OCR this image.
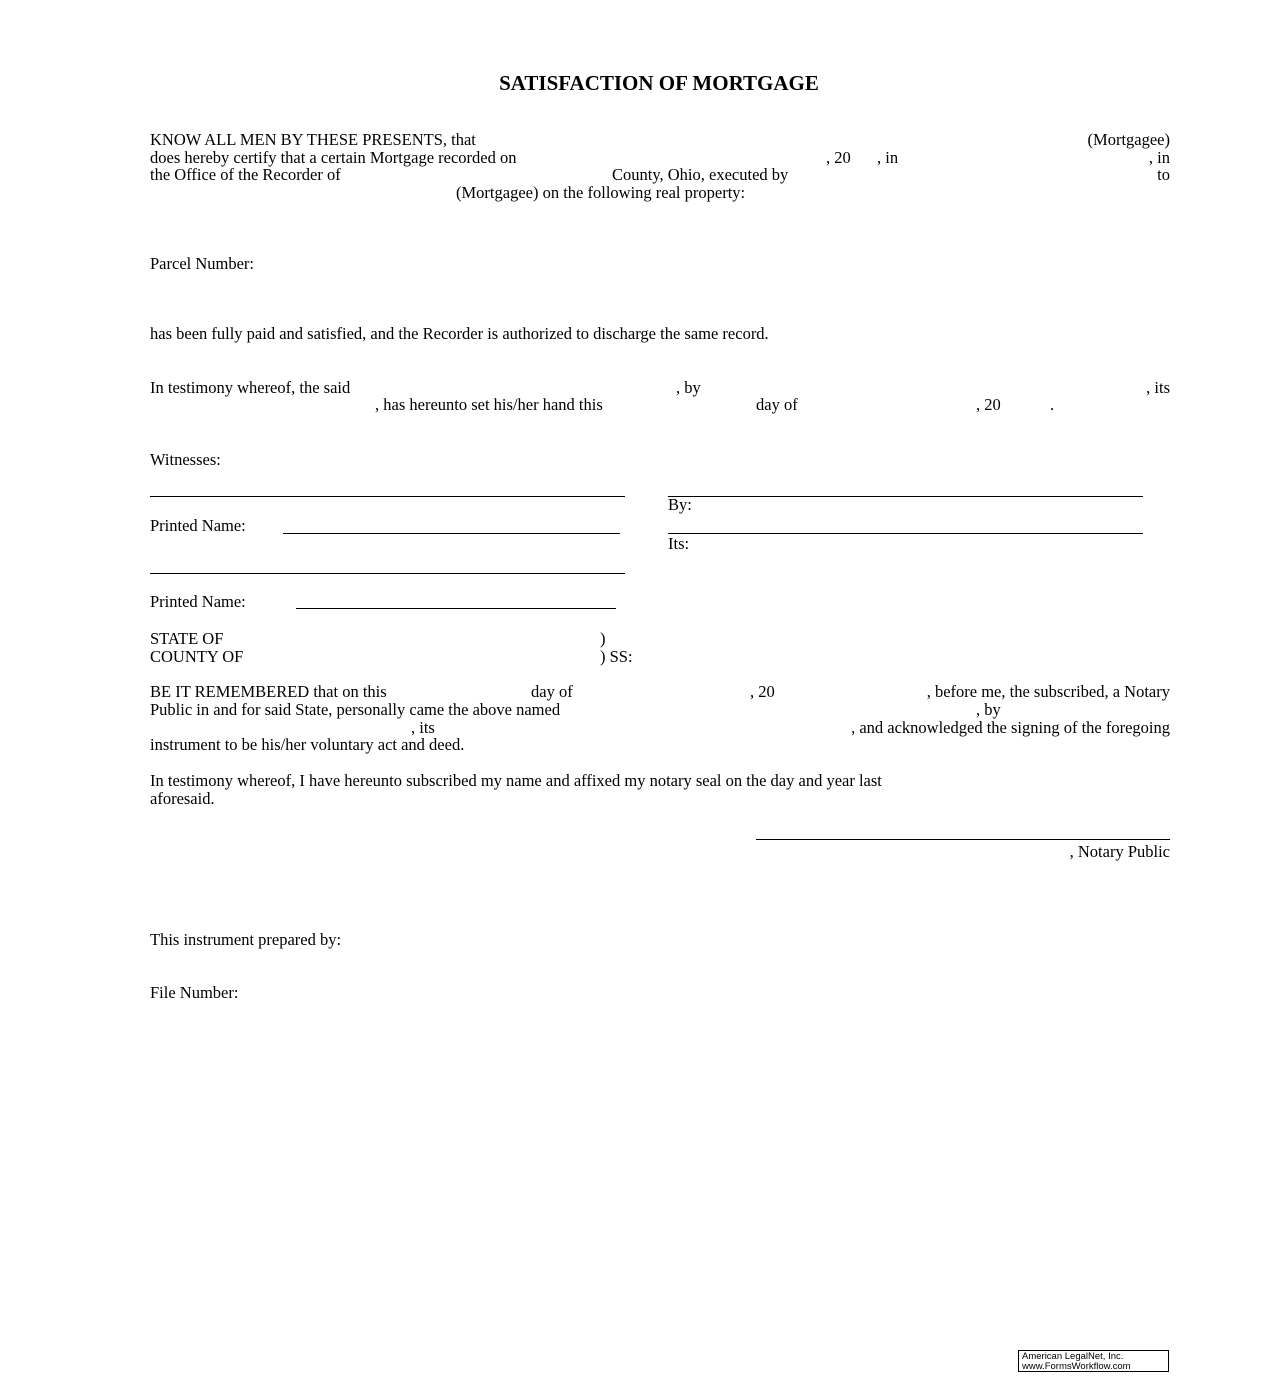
SATISFACTION OF MORTGAGE
KNOW ALL MEN BY THESE PRESENTS, that	(Mortgagee)
does hereby certify that a certain Mortgage recorded on	, 20 , in	, in
the Office of the Recorder of	County, Ohio, executed by	to
(Mortgagee) on the following real property:
Parcel Number:
has been fully paid and satisfied, and the Recorder is authorized to discharge the same record.
In testimony whereof, the said	, by	, its
, has hereunto set his/her hand this	day of	, 20	.
Witnesses:
By:
Printed Name:
Its:
Printed Name:
STATE OF	)
COUNTY OF	) SS:
BE IT REMEMBERED that on this	day of	, 20	, before me, the subscribed, a Notary
Public in and for said State, personally came the above named	, by
, its	, and acknowledged the signing of the foregoing
instrument to be his/her voluntary act and deed.
In testimony whereof, I have hereunto subscribed my name and affixed my notary seal on the day and year last
aforesaid.
, Notary Public
This instrument prepared by:
File Number:
American LegalNet, Inc.
www.FormsWorkflow.com
